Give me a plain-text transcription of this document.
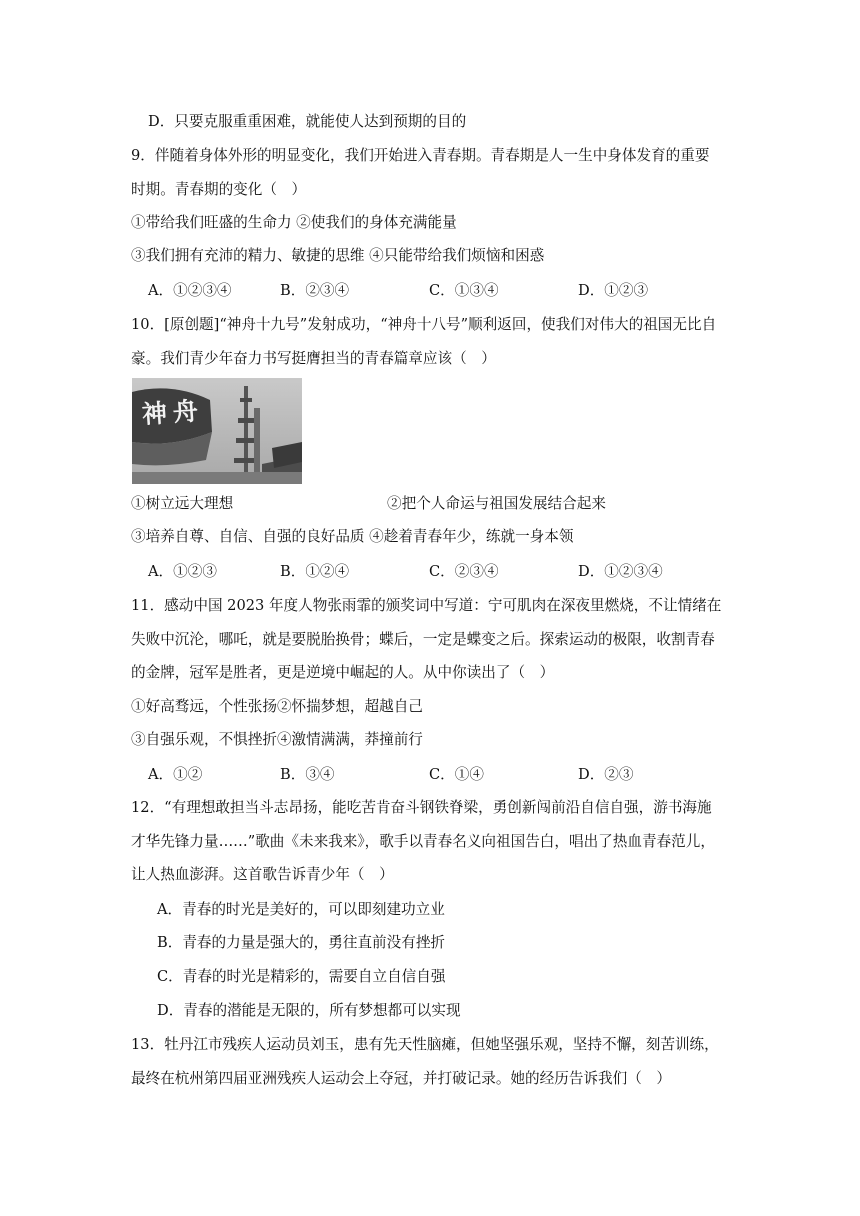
D．只要克服重重困难，就能使人达到预期的目的
9．伴随着身体外形的明显变化，我们开始进入青春期。青春期是人一生中身体发育的重要
时期。青春期的变化（　）
①带给我们旺盛的生命力 ②使我们的身体充满能量
③我们拥有充沛的精力、敏捷的思维 ④只能带给我们烦恼和困惑
A．①②③④	B．②③④	C．①③④	D．①②③
10．[原创题]“神舟十九号”发射成功，“神舟十八号”顺利返回，使我们对伟大的祖国无比自
豪。我们青少年奋力书写挺膺担当的青春篇章应该（　）
神舟
①树立远大理想	②把个人命运与祖国发展结合起来
③培养自尊、自信、自强的良好品质 ④趁着青春年少，练就一身本领
A．①②③	B．①②④	C．②③④	D．①②③④
11．感动中国 2023 年度人物张雨霏的颁奖词中写道：宁可肌肉在深夜里燃烧，不让情绪在
失败中沉沦，哪吒，就是要脱胎换骨；蝶后，一定是蝶变之后。探索运动的极限，收割青春
的金牌，冠军是胜者，更是逆境中崛起的人。从中你读出了（　）
①好高骛远，个性张扬②怀揣梦想，超越自己
③自强乐观，不惧挫折④激情满满，莽撞前行
A．①②	B．③④	C．①④	D．②③
12．“有理想敢担当斗志昂扬，能吃苦肯奋斗钢铁脊梁，勇创新闯前沿自信自强，游书海施
才华先锋力量……”歌曲《未来我来》，歌手以青春名义向祖国告白，唱出了热血青春范儿，
让人热血澎湃。这首歌告诉青少年（　）
A．青春的时光是美好的，可以即刻建功立业
B．青春的力量是强大的，勇往直前没有挫折
C．青春的时光是精彩的，需要自立自信自强
D．青春的潜能是无限的，所有梦想都可以实现
13．牡丹江市残疾人运动员刘玉，患有先天性脑瘫，但她坚强乐观，坚持不懈，刻苦训练，
最终在杭州第四届亚洲残疾人运动会上夺冠，并打破记录。她的经历告诉我们（　）
